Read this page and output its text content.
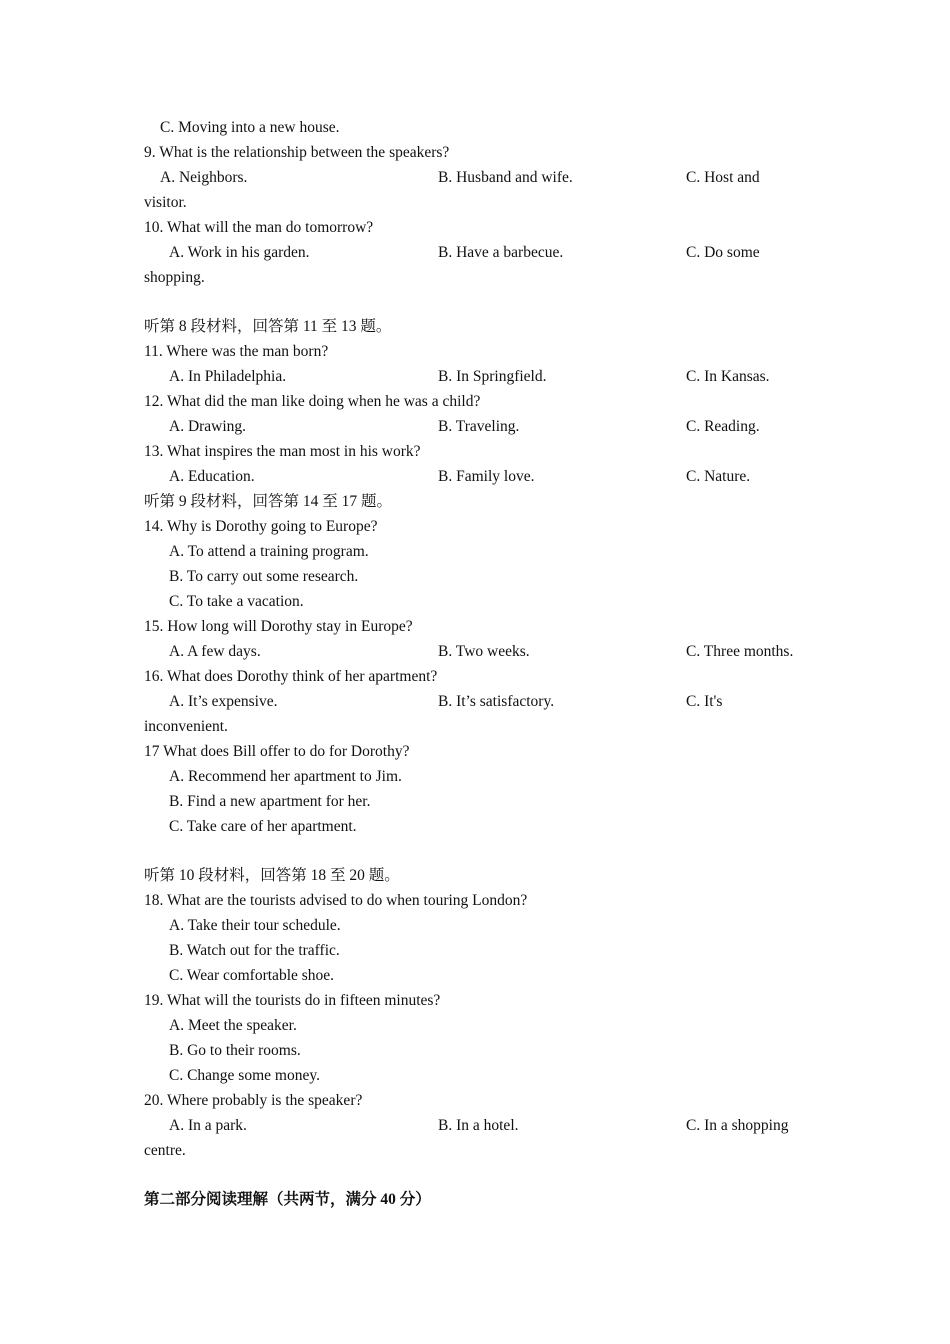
C. Moving into a new house.
9. What is the relationship between the speakers?
A. Neighbors.	B. Husband and wife.	C. Host and
visitor.
10. What will the man do tomorrow?
A. Work in his garden.	B. Have a barbecue.	C. Do some
shopping.
听第 8 段材料，回答第 11 至 13 题。
11. Where was the man born?
A. In Philadelphia.	B. In Springfield.	C. In Kansas.
12. What did the man like doing when he was a child?
A. Drawing.	B. Traveling.	C. Reading.
13. What inspires the man most in his work?
A. Education.	B. Family love.	C. Nature.
听第 9 段材料，回答第 14 至 17 题。
14. Why is Dorothy going to Europe?
A. To attend a training program.
B. To carry out some research.
C. To take a vacation.
15. How long will Dorothy stay in Europe?
A. A few days.	B. Two weeks.	C. Three months.
16. What does Dorothy think of her apartment?
A. It’s expensive.	B. It’s satisfactory.	C. It's
inconvenient.
17 What does Bill offer to do for Dorothy?
A. Recommend her apartment to Jim.
B. Find a new apartment for her.
C. Take care of her apartment.
听第 10 段材料，回答第 18 至 20 题。
18. What are the tourists advised to do when touring London?
A. Take their tour schedule.
B. Watch out for the traffic.
C. Wear comfortable shoe.
19. What will the tourists do in fifteen minutes?
A. Meet the speaker.
B. Go to their rooms.
C. Change some money.
20. Where probably is the speaker?
A. In a park.	B. In a hotel.	C. In a shopping
centre.
第二部分阅读理解（共两节，满分 40 分）
